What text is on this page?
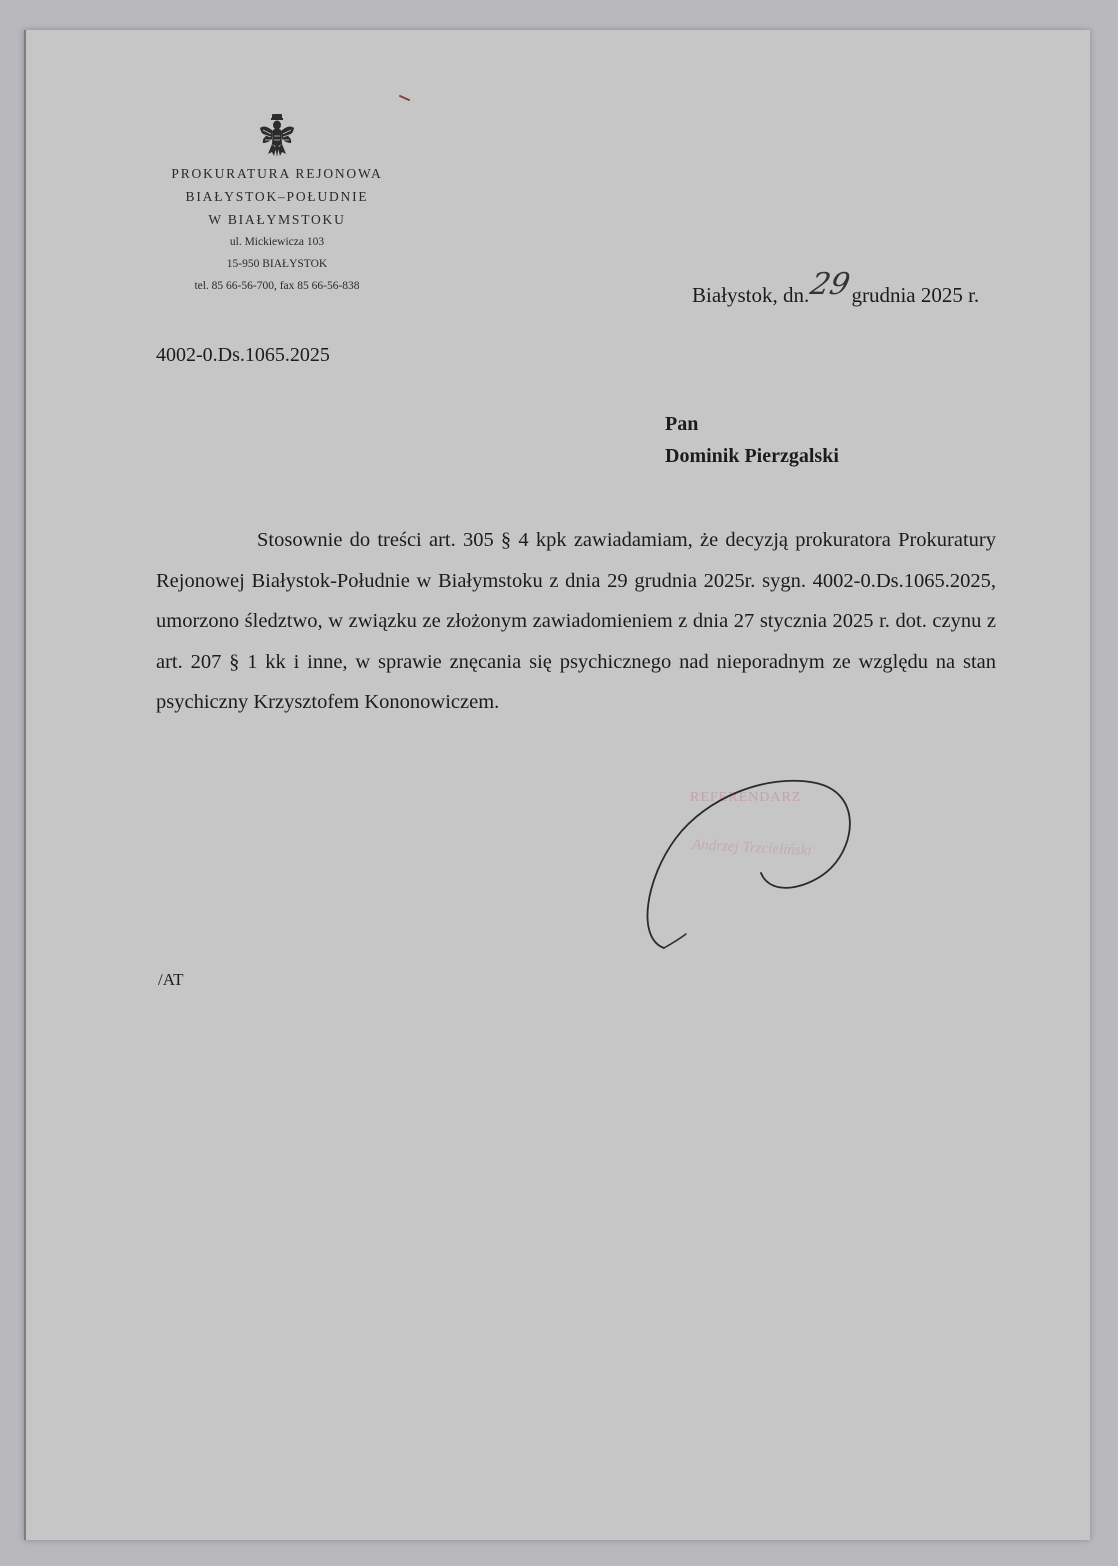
PROKURATURA REJONOWA
BIAŁYSTOK–POŁUDNIE
W BIAŁYMSTOKU
ul. Mickiewicza 103
15-950 BIAŁYSTOK
tel. 85 66-56-700, fax 85 66-56-838	Białystok, dn.29grudnia 2025 r.
4002-0.Ds.1065.2025
Pan
Dominik Pierzgalski
Stosownie do treści art. 305 § 4 kpk zawiadamiam, że decyzją prokuratora Prokuratury Rejonowej Białystok-Południe w Białymstoku z dnia 29 grudnia 2025r. sygn. 4002-0.Ds.1065.2025, umorzono śledztwo, w związku ze złożonym zawiadomieniem z dnia 27 stycznia 2025 r. dot. czynu z art. 207 § 1 kk i inne, w sprawie znęcania się psychicznego nad nieporadnym ze względu na stan psychiczny Krzysztofem Kononowiczem.
REFERENDARZ
Andrzej Trzcieliński
/AT
